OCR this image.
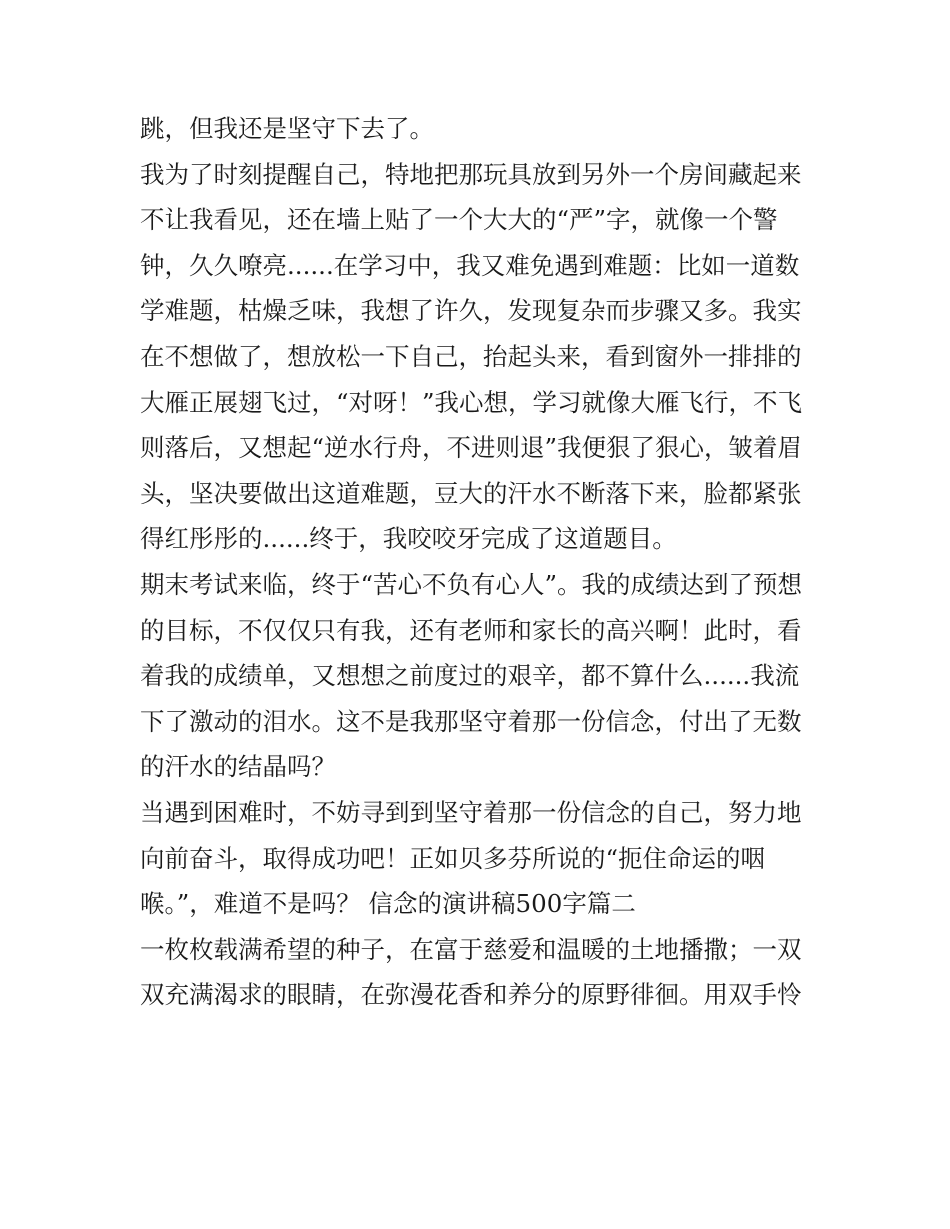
跳，但我还是坚守下去了。
我为了时刻提醒自己，特地把那玩具放到另外一个房间藏起来
不让我看见，还在墙上贴了一个大大的“严”字，就像一个警
钟，久久嘹亮......在学习中，我又难免遇到难题：比如一道数
学难题，枯燥乏味，我想了许久，发现复杂而步骤又多。我实
在不想做了，想放松一下自己，抬起头来，看到窗外一排排的
大雁正展翅飞过，“对呀！”我心想，学习就像大雁飞行，不飞
则落后，又想起“逆水行舟，不进则退”我便狠了狠心，皱着眉
头，坚决要做出这道难题，豆大的汗水不断落下来，脸都紧张
得红彤彤的......终于，我咬咬牙完成了这道题目。
期末考试来临，终于“苦心不负有心人”。我的成绩达到了预想
的目标，不仅仅只有我，还有老师和家长的高兴啊！此时，看
着我的成绩单，又想想之前度过的艰辛，都不算什么......我流
下了激动的泪水。这不是我那坚守着那一份信念，付出了无数
的汗水的结晶吗？
当遇到困难时，不妨寻到到坚守着那一份信念的自己，努力地
向前奋斗，取得成功吧！正如贝多芬所说的“扼住命运的咽
喉。”，难道不是吗？ 信念的演讲稿500字篇二
一枚枚载满希望的种子，在富于慈爱和温暖的土地播撒；一双
双充满渴求的眼睛，在弥漫花香和养分的原野徘徊。用双手怜
